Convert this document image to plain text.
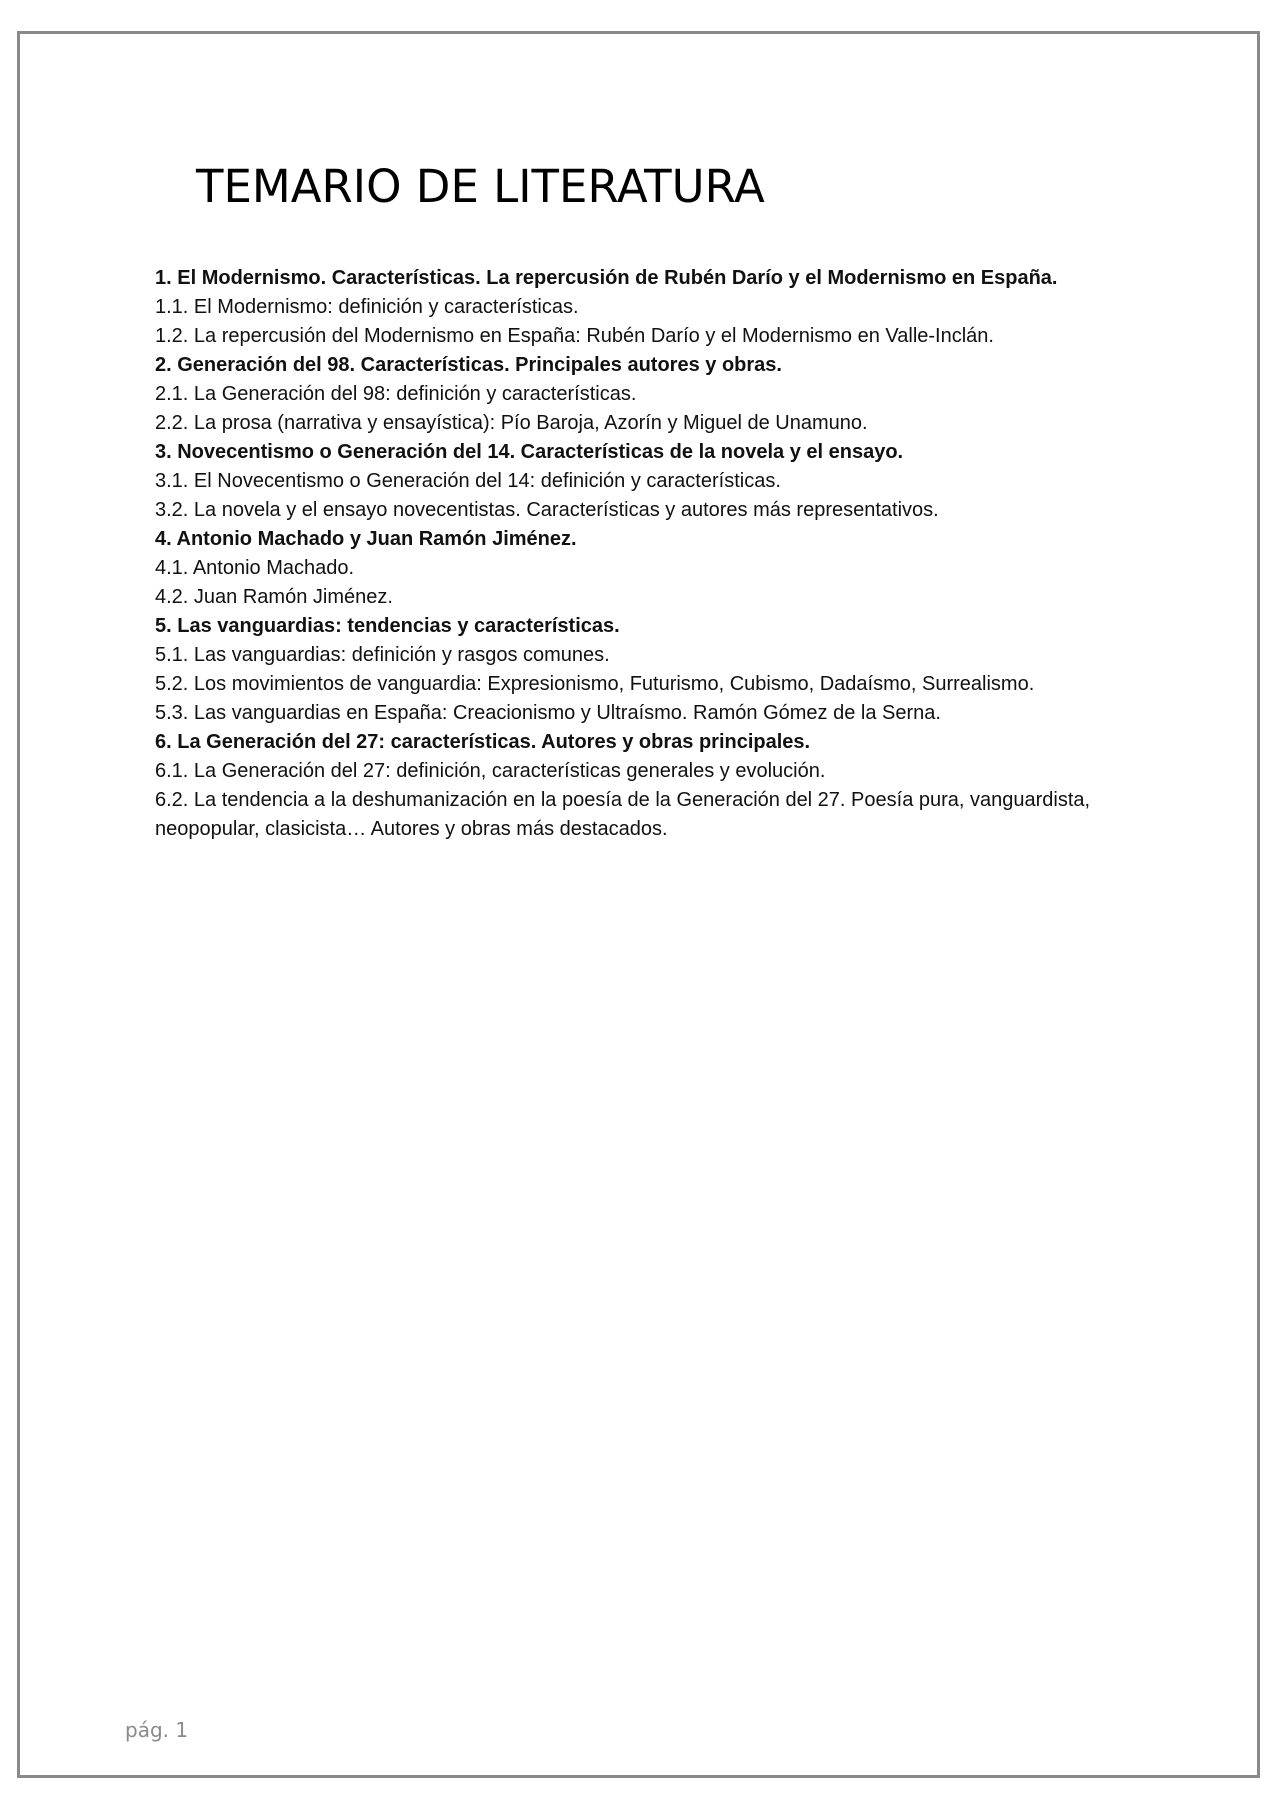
TEMARIO DE LITERATURA
1. El Modernismo. Características. La repercusión de Rubén Darío y el Modernismo en España.
1.1. El Modernismo: definición y características.
1.2. La repercusión del Modernismo en España: Rubén Darío y el Modernismo en Valle-Inclán.
2. Generación del 98. Características. Principales autores y obras.
2.1. La Generación del 98: definición y características.
2.2. La prosa (narrativa y ensayística): Pío Baroja, Azorín y Miguel de Unamuno.
3. Novecentismo o Generación del 14. Características de la novela y el ensayo.
3.1. El Novecentismo o Generación del 14: definición y características.
3.2. La novela y el ensayo novecentistas. Características y autores más representativos.
4. Antonio Machado y Juan Ramón Jiménez.
4.1. Antonio Machado.
4.2. Juan Ramón Jiménez.
5. Las vanguardias: tendencias y características.
5.1. Las vanguardias: definición y rasgos comunes.
5.2. Los movimientos de vanguardia: Expresionismo, Futurismo, Cubismo, Dadaísmo, Surrealismo.
5.3. Las vanguardias en España: Creacionismo y Ultraísmo. Ramón Gómez de la Serna.
6. La Generación del 27: características. Autores y obras principales.
6.1. La Generación del 27: definición, características generales y evolución.
6.2. La tendencia a la deshumanización en la poesía de la Generación del 27. Poesía pura, vanguardista, neopopular, clasicista… Autores y obras más destacados.
pág. 1
